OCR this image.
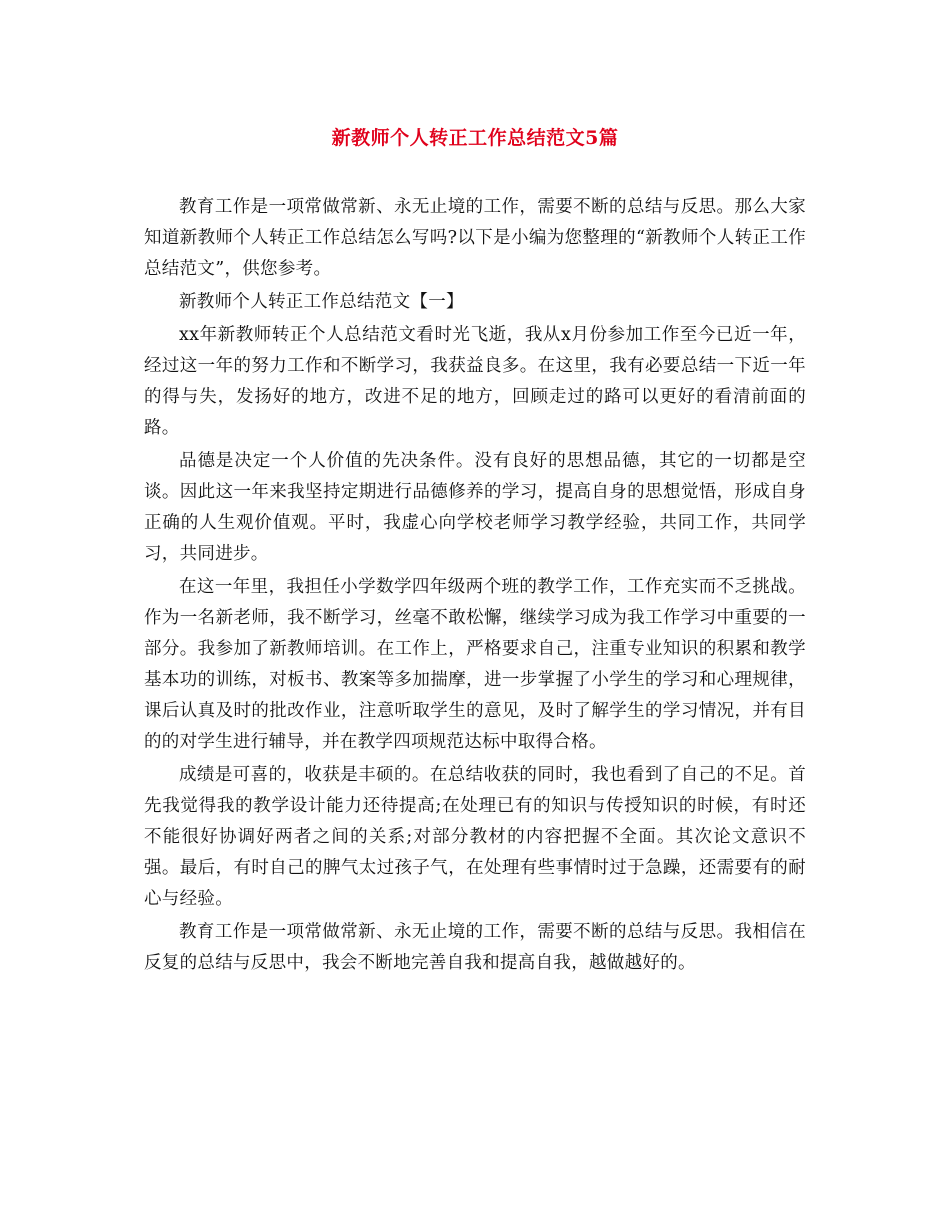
新教师个人转正工作总结范文5篇

教育工作是一项常做常新、永无止境的工作，需要不断的总结与反思。那么大家知道新教师个人转正工作总结怎么写吗?以下是小编为您整理的“新教师个人转正工作总结范文”，供您参考。

新教师个人转正工作总结范文【一】

xx年新教师转正个人总结范文看时光飞逝，我从x月份参加工作至今已近一年，经过这一年的努力工作和不断学习，我获益良多。在这里，我有必要总结一下近一年的得与失，发扬好的地方，改进不足的地方，回顾走过的路可以更好的看清前面的路。

品德是决定一个人价值的先决条件。没有良好的思想品德，其它的一切都是空谈。因此这一年来我坚持定期进行品德修养的学习，提高自身的思想觉悟，形成自身正确的人生观价值观。平时，我虚心向学校老师学习教学经验，共同工作，共同学习，共同进步。

在这一年里，我担任小学数学四年级两个班的教学工作，工作充实而不乏挑战。作为一名新老师，我不断学习，丝毫不敢松懈，继续学习成为我工作学习中重要的一部分。我参加了新教师培训。在工作上，严格要求自己，注重专业知识的积累和教学基本功的训练，对板书、教案等多加揣摩，进一步掌握了小学生的学习和心理规律，课后认真及时的批改作业，注意听取学生的意见，及时了解学生的学习情况，并有目的的对学生进行辅导，并在教学四项规范达标中取得合格。

成绩是可喜的，收获是丰硕的。在总结收获的同时，我也看到了自己的不足。首先我觉得我的教学设计能力还待提高;在处理已有的知识与传授知识的时候，有时还不能很好协调好两者之间的关系;对部分教材的内容把握不全面。其次论文意识不强。最后，有时自己的脾气太过孩子气，在处理有些事情时过于急躁，还需要有的耐心与经验。

教育工作是一项常做常新、永无止境的工作，需要不断的总结与反思。我相信在反复的总结与反思中，我会不断地完善自我和提高自我，越做越好的。
